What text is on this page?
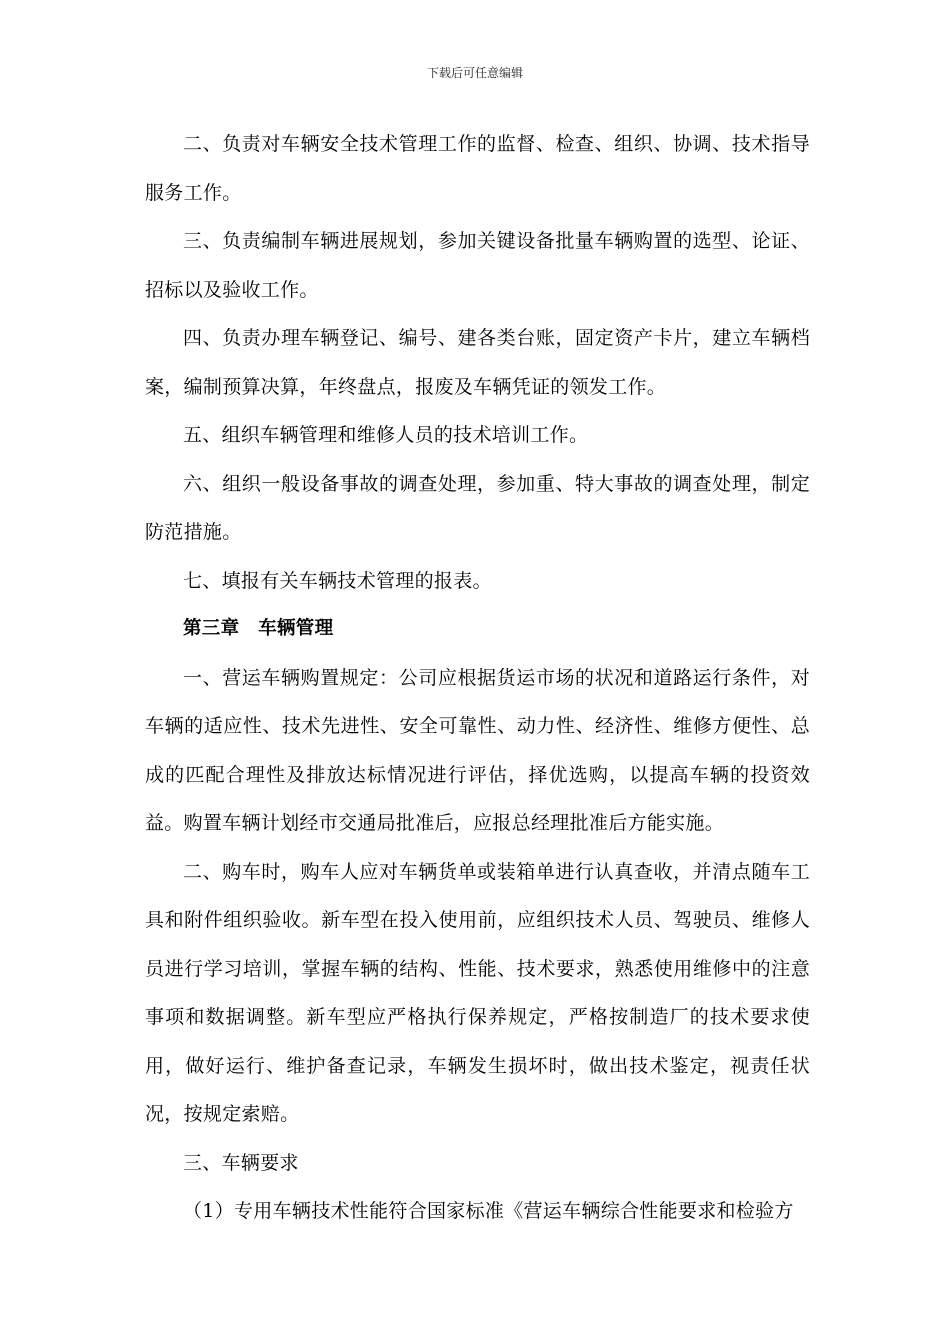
下载后可任意编辑

二、负责对车辆安全技术管理工作的监督、检查、组织、协调、技术指导服务工作。

三、负责编制车辆进展规划，参加关键设备批量车辆购置的选型、论证、招标以及验收工作。

四、负责办理车辆登记、编号、建各类台账，固定资产卡片，建立车辆档案，编制预算决算，年终盘点，报废及车辆凭证的领发工作。

五、组织车辆管理和维修人员的技术培训工作。

六、组织一般设备事故的调查处理，参加重、特大事故的调查处理，制定防范措施。

七、填报有关车辆技术管理的报表。

第三章　车辆管理

一、营运车辆购置规定：公司应根据货运市场的状况和道路运行条件，对车辆的适应性、技术先进性、安全可靠性、动力性、经济性、维修方便性、总成的匹配合理性及排放达标情况进行评估，择优选购，以提高车辆的投资效益。购置车辆计划经市交通局批准后，应报总经理批准后方能实施。

二、购车时，购车人应对车辆货单或装箱单进行认真查收，并清点随车工具和附件组织验收。新车型在投入使用前，应组织技术人员、驾驶员、维修人员进行学习培训，掌握车辆的结构、性能、技术要求，熟悉使用维修中的注意事项和数据调整。新车型应严格执行保养规定，严格按制造厂的技术要求使用，做好运行、维护备查记录，车辆发生损坏时，做出技术鉴定，视责任状况，按规定索赔。

三、车辆要求

（1）专用车辆技术性能符合国家标准《营运车辆综合性能要求和检验方
